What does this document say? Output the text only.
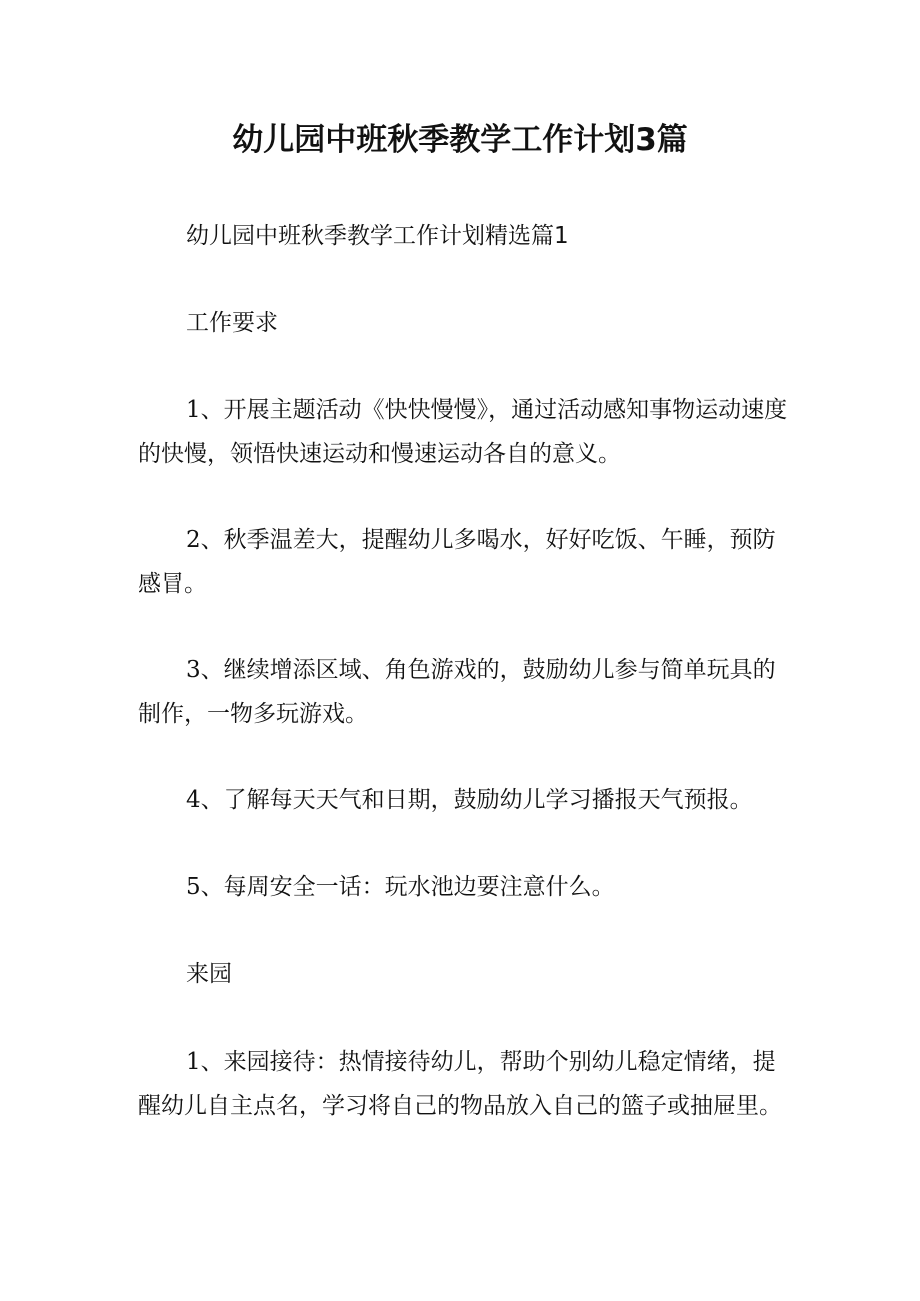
幼儿园中班秋季教学工作计划3篇
幼儿园中班秋季教学工作计划精选篇1
工作要求
1、开展主题活动《快快慢慢》，通过活动感知事物运动速度的快慢，领悟快速运动和慢速运动各自的意义。
2、秋季温差大，提醒幼儿多喝水，好好吃饭、午睡，预防感冒。
3、继续增添区域、角色游戏的，鼓励幼儿参与简单玩具的制作，一物多玩游戏。
4、了解每天天气和日期，鼓励幼儿学习播报天气预报。
5、每周安全一话：玩水池边要注意什么。
来园
1、来园接待：热情接待幼儿，帮助个别幼儿稳定情绪，提醒幼儿自主点名，学习将自己的物品放入自己的篮子或抽屉里。
